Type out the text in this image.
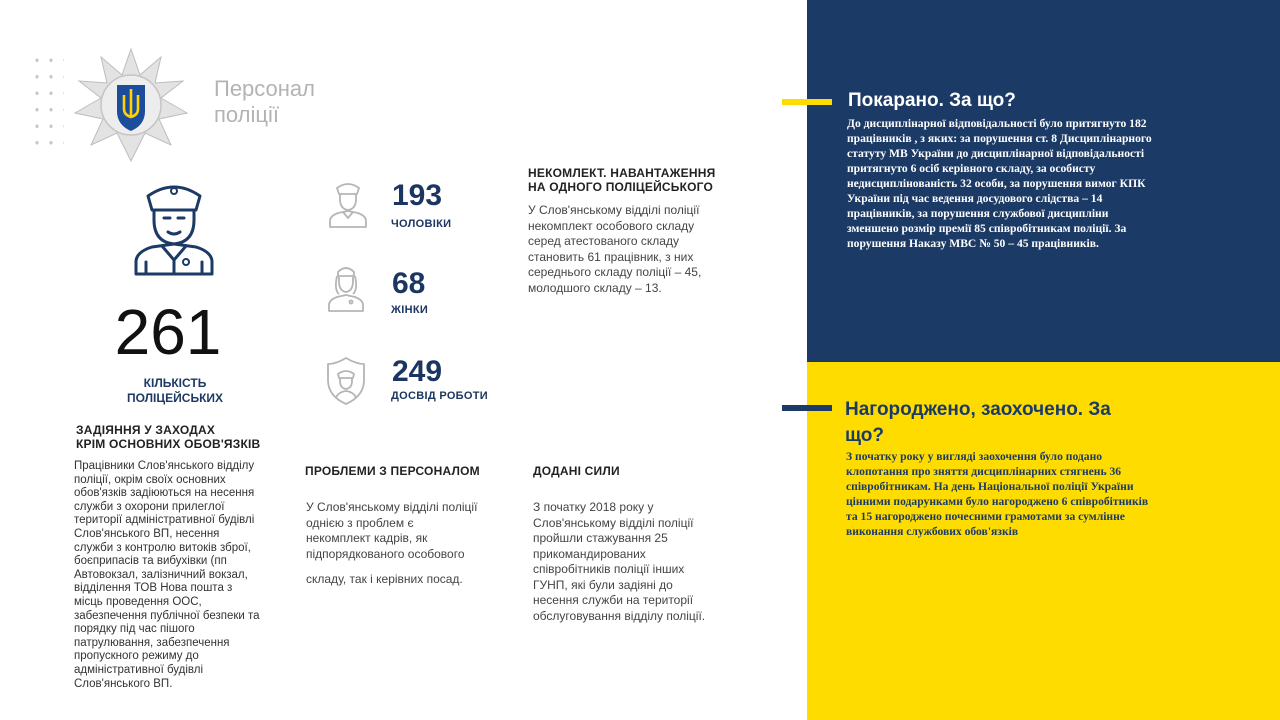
Персонал
поліції
261
КІЛЬКІСТЬ
ПОЛІЦЕЙСЬКИХ
193
ЧОЛОВІКИ
68
ЖІНКИ
249
ДОСВІД РОБОТИ
НЕКОМЛЕКТ. НАВАНТАЖЕННЯ
НА ОДНОГО ПОЛІЦЕЙСЬКОГО
У Слов'янському відділі поліції
некомплект особового складу
серед атестованого складу
становить 61 працівник, з них
середнього складу поліції – 45,
молодшого складу – 13.
ЗАДІЯННЯ У ЗАХОДАХ
КРІМ ОСНОВНИХ ОБОВ'ЯЗКІВ
Працівники Слов'янського відділу
поліції, окрім своїх основних
обов'язків задіюються на несення
служби з охорони прилеглої
території адміністративної будівлі
Слов'янського ВП, несення
служби з контролю витоків зброї,
боєприпасів та вибухівки (пп
Автовокзал, залізничний вокзал,
відділення ТОВ Нова пошта з
місць проведення ООС,
забезпечення публічної безпеки та
порядку під час пішого
патрулювання, забезпечення
пропускного режиму до
адміністративної будівлі
Слов'янського ВП.
ПРОБЛЕМИ З ПЕРСОНАЛОМ
У Слов'янському відділі поліції
однією з проблем є
некомплект кадрів, як
підпорядкованого особового
складу, так і керівних посад.
ДОДАНІ СИЛИ
З початку 2018 року у
Слов'янському відділі поліції
пройшли стажування 25
прикомандированих
співробітників поліції інших
ГУНП, які були задіяні до
несення служби на території
обслуговування відділу поліції.
Покарано. За що?
До дисциплінарної відповідальності було притягнуто 182
працівників , з яких: за порушення ст. 8 Дисциплінарного
статуту МВ України до дисциплінарної відповідальності
притягнуто 6 осіб керівного складу, за особисту
недисциплінованість 32 особи, за порушення вимог КПК
України під час ведення досудового слідства – 14
працівників, за порушення службової дисципліни
зменшено розмір премії 85 співробітникам поліції. За
порушення Наказу МВС № 50 – 45 працівників.
Нагороджено, заохочено. За
що?
З початку року у вигляді заохочення було подано
клопотання про зняття дисциплінарних стягнень 36
співробітникам. На день Національної поліції України
цінними подарунками було нагороджено 6 співробітників
та 15 нагороджено почесними грамотами за сумлінне
виконання службових обов'язків
